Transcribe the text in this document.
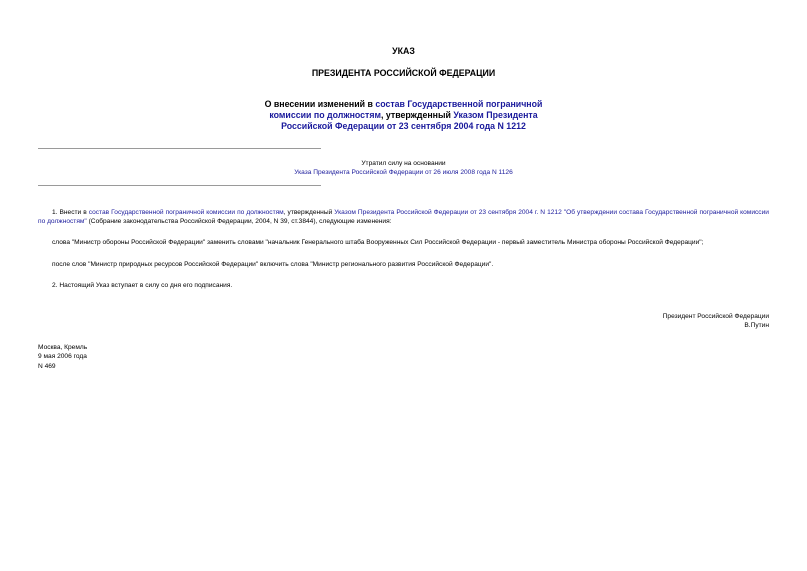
УКАЗ
ПРЕЗИДЕНТА РОССИЙСКОЙ ФЕДЕРАЦИИ
О внесении изменений в состав Государственной пограничной
комиссии по должностям, утвержденный Указом Президента
Российской Федерации от 23 сентября 2004 года N 1212
Утратил силу на основании
Указа Президента Российской Федерации от 26 июля 2008 года N 1126
1. Внести в состав Государственной пограничной комиссии по должностям, утвержденный Указом Президента Российской Федерации от 23 сентября 2004 г. N 1212 "Об утверждении состава Государственной пограничной комиссии по должностям" (Собрание законодательства Российской Федерации, 2004, N 39, ст.3844), следующие изменения:
слова "Министр обороны Российской Федерации" заменить словами "начальник Генерального штаба Вооруженных Сил Российской Федерации - первый заместитель Министра обороны Российской Федерации";
после слов "Министр природных ресурсов Российской Федерации" включить слова "Министр регионального развития Российской Федерации".
2. Настоящий Указ вступает в силу со дня его подписания.
Президент Российской Федерации
В.Путин
Москва, Кремль
9 мая 2006 года
N 469
